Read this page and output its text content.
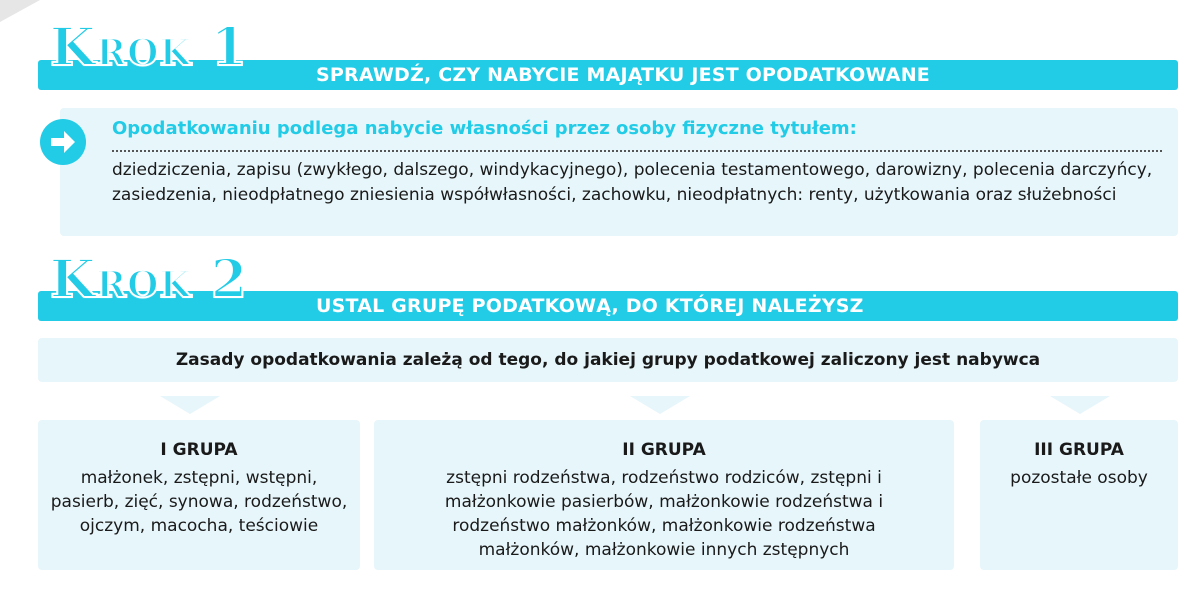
Krok 1	SPRAWDŹ, CZY NABYCIE MAJĄTKU JEST OPODATKOWANE
Opodatkowaniu podlega nabycie własności przez osoby fizyczne tytułem:
dziedziczenia, zapisu (zwykłego, dalszego, windykacyjnego), polecenia testamentowego, darowizny, polecenia darczyńcy, zasiedzenia, nieodpłatnego zniesienia współwłasności, zachowku, nieodpłatnych: renty, użytkowania oraz służebności
Krok 2	USTAL GRUPĘ PODATKOWĄ, DO KTÓREJ NALEŻYSZ
Zasady opodatkowania zależą od tego, do jakiej grupy podatkowej zaliczony jest nabywca
I GRUPA
małżonek, zstępni, wstępni, pasierb, zięć, synowa, rodzeństwo, ojczym, macocha, teściowie
II GRUPA
zstępni rodzeństwa, rodzeństwo rodziców, zstępni i małżonkowie pasierbów, małżonkowie rodzeństwa i rodzeństwo małżonków, małżonkowie rodzeństwa małżonków, małżonkowie innych zstępnych
III GRUPA
pozostałe osoby
